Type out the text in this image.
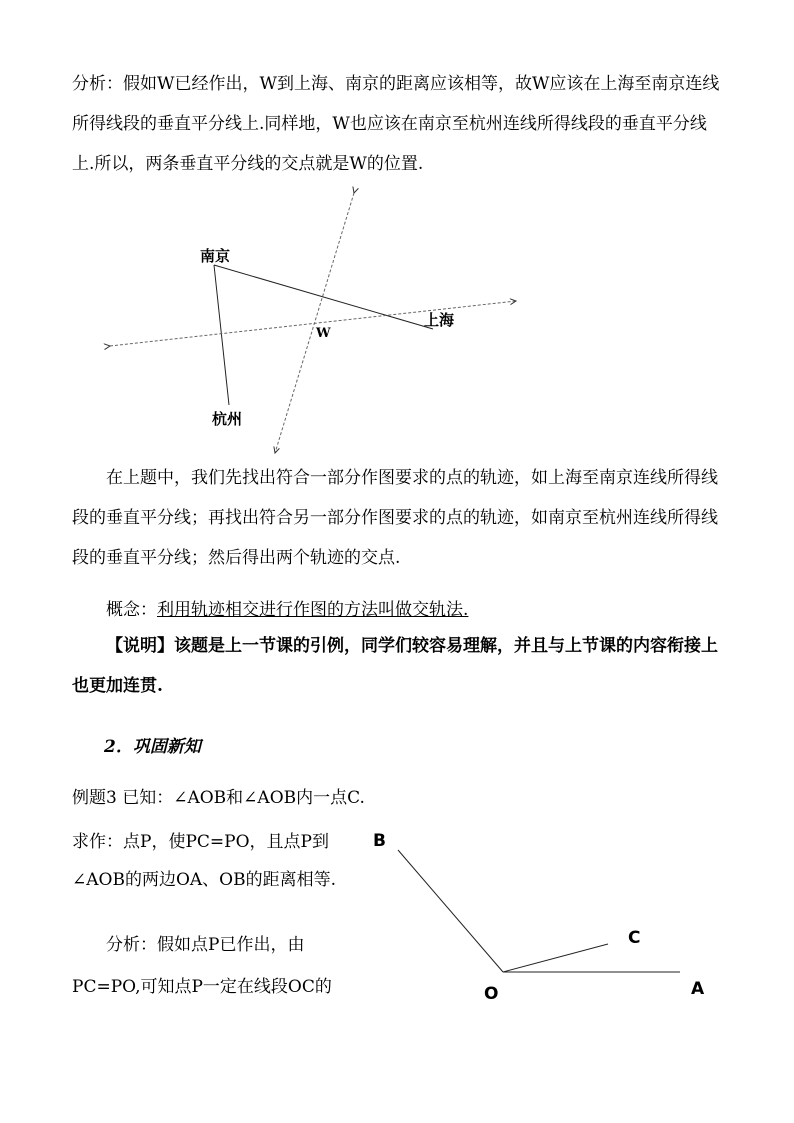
分析：假如W已经作出，W到上海、南京的距离应该相等，故W应该在上海至南京连线所得线段的垂直平分线上.同样地，W也应该在南京至杭州连线所得线段的垂直平分线上.所以，两条垂直平分线的交点就是W的位置.

南京
上海
杭州
W

在上题中，我们先找出符合一部分作图要求的点的轨迹，如上海至南京连线所得线段的垂直平分线；再找出符合另一部分作图要求的点的轨迹，如南京至杭州连线所得线段的垂直平分线；然后得出两个轨迹的交点.

概念：利用轨迹相交进行作图的方法叫做交轨法.

【说明】该题是上一节课的引例，同学们较容易理解，并且与上节课的内容衔接上也更加连贯.

2．巩固新知
例题3 已知：∠AOB和∠AOB内一点C.
求作：点P，使PC=PO，且点P到
∠AOB的两边OA、OB的距离相等.
分析：假如点P已作出，由
PC=PO,可知点P一定在线段OC的
B
C
O	A
